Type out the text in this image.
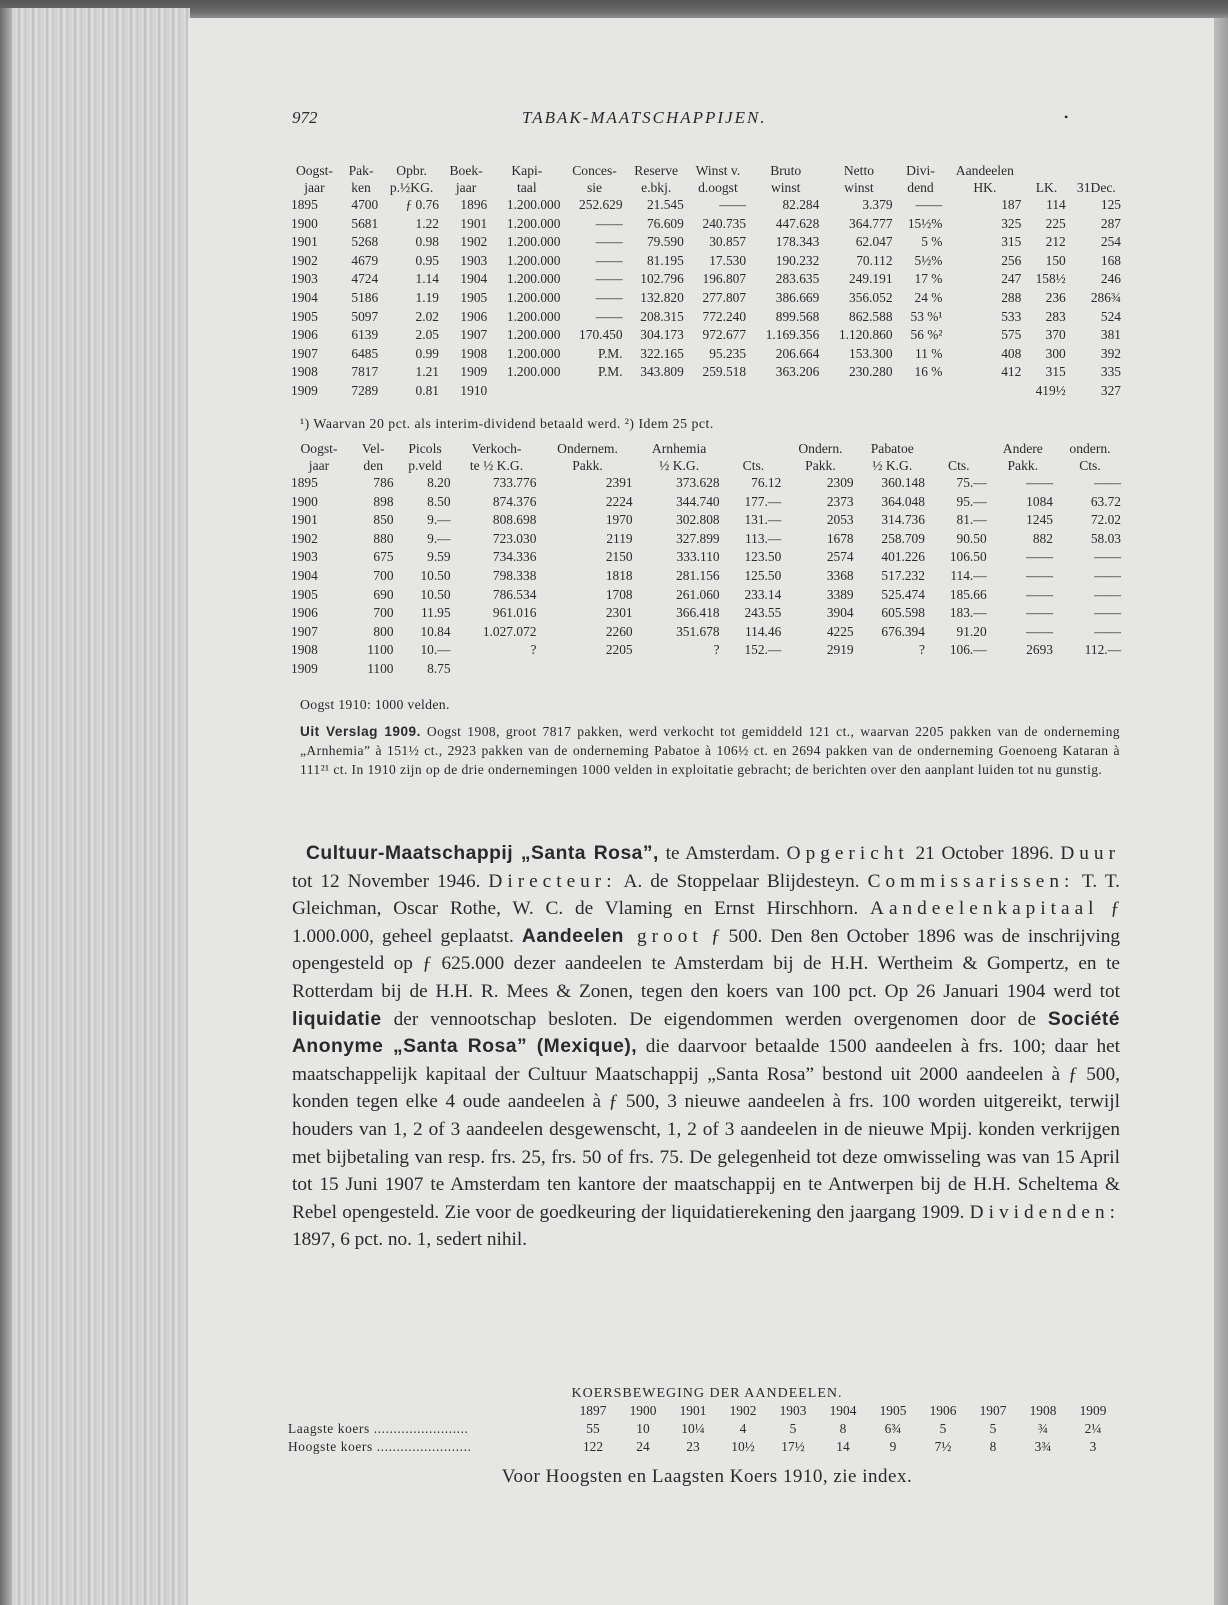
972	TABAK-MAATSCHAPPIJEN.	•
Oogst-	Pak-	Opbr.	Boek-	Kapi-	Conces-	Reserve	Winst v.	Bruto	Netto	Divi-	Aandeelen		
jaar	ken	p.½KG.	jaar	taal	sie	e.bkj.	d.oogst	winst	winst	dend	HK.	LK.	31Dec.
1895	4700	ƒ 0.76	1896	1.200.000	252.629	21.545	——	82.284	3.379	——	187	114	125
1900	5681	1.22	1901	1.200.000	——	76.609	240.735	447.628	364.777	15½%	325	225	287
1901	5268	0.98	1902	1.200.000	——	79.590	30.857	178.343	62.047	5 %	315	212	254
1902	4679	0.95	1903	1.200.000	——	81.195	17.530	190.232	70.112	5½%	256	150	168
1903	4724	1.14	1904	1.200.000	——	102.796	196.807	283.635	249.191	17 %	247	158½	246
1904	5186	1.19	1905	1.200.000	——	132.820	277.807	386.669	356.052	24 %	288	236	286¾
1905	5097	2.02	1906	1.200.000	——	208.315	772.240	899.568	862.588	53 %¹	533	283	524
1906	6139	2.05	1907	1.200.000	170.450	304.173	972.677	1.169.356	1.120.860	56 %²	575	370	381
1907	6485	0.99	1908	1.200.000	P.M.	322.165	95.235	206.664	153.300	11 %	408	300	392
1908	7817	1.21	1909	1.200.000	P.M.	343.809	259.518	363.206	230.280	16 %	412	315	335
1909	7289	0.81	1910									419½	327
¹) Waarvan 20 pct. als interim-dividend betaald werd. ²) Idem 25 pct.
Oogst-	Vel-	Picols	Verkoch-	Ondernem.	Arnhemia		Ondern.	Pabatoe		Andere	ondern.
jaar	den	p.veld	te ½ K.G.	Pakk.	½ K.G.	Cts.	Pakk.	½ K.G.	Cts.	Pakk.	Cts.
1895	786	8.20	733.776	2391	373.628	76.12	2309	360.148	75.—	——	——
1900	898	8.50	874.376	2224	344.740	177.—	2373	364.048	95.—	1084	63.72
1901	850	9.—	808.698	1970	302.808	131.—	2053	314.736	81.—	1245	72.02
1902	880	9.—	723.030	2119	327.899	113.—	1678	258.709	90.50	882	58.03
1903	675	9.59	734.336	2150	333.110	123.50	2574	401.226	106.50	——	——
1904	700	10.50	798.338	1818	281.156	125.50	3368	517.232	114.—	——	——
1905	690	10.50	786.534	1708	261.060	233.14	3389	525.474	185.66	——	——
1906	700	11.95	961.016	2301	366.418	243.55	3904	605.598	183.—	——	——
1907	800	10.84	1.027.072	2260	351.678	114.46	4225	676.394	91.20	——	——
1908	1100	10.—	?	2205	?	152.—	2919	?	106.—	2693	112.—
1909	1100	8.75									
Oogst 1910: 1000 velden.
Uit Verslag 1909. Oogst 1908, groot 7817 pakken, werd verkocht tot gemiddeld 121 ct., waarvan 2205 pakken van de onderneming „Arnhemia” à 151½ ct., 2923 pakken van de onderneming Pabatoe à 106½ ct. en 2694 pakken van de onderneming Goenoeng Kataran à 111²¹ ct. In 1910 zijn op de drie ondernemingen 1000 velden in exploitatie gebracht; de berichten over den aanplant luiden tot nu gunstig.
Cultuur-Maatschappij „Santa Rosa”, te Amsterdam. Opgericht 21 October 1896. Duur tot 12 November 1946. Directeur: A. de Stoppelaar Blijdesteyn. Commissarissen: T. T. Gleichman, Oscar Rothe, W. C. de Vlaming en Ernst Hirschhorn. Aandeelenkapitaal ƒ 1.000.000, geheel geplaatst. Aandeelen groot ƒ 500. Den 8en October 1896 was de inschrijving opengesteld op ƒ 625.000 dezer aandeelen te Amsterdam bij de H.H. Wertheim & Gompertz, en te Rotterdam bij de H.H. R. Mees & Zonen, tegen den koers van 100 pct. Op 26 Januari 1904 werd tot liquidatie der vennootschap besloten. De eigendommen werden overgenomen door de Société Anonyme „Santa Rosa” (Mexique), die daarvoor betaalde 1500 aandeelen à frs. 100; daar het maatschappelijk kapitaal der Cultuur Maatschappij „Santa Rosa” bestond uit 2000 aandeelen à ƒ 500, konden tegen elke 4 oude aandeelen à ƒ 500, 3 nieuwe aandeelen à frs. 100 worden uitgereikt, terwijl houders van 1, 2 of 3 aandeelen desgewenscht, 1, 2 of 3 aandeelen in de nieuwe Mpij. konden verkrijgen met bijbetaling van resp. frs. 25, frs. 50 of frs. 75. De gelegenheid tot deze omwisseling was van 15 April tot 15 Juni 1907 te Amsterdam ten kantore der maatschappij en te Antwerpen bij de H.H. Scheltema & Rebel opengesteld. Zie voor de goedkeuring der liquidatierekening den jaargang 1909. Dividenden: 1897, 6 pct. no. 1, sedert nihil.
KOERSBEWEGING DER AANDEELEN.
	1897	1900	1901	1902	1903	1904	1905	1906	1907	1908	1909
Laagste koers ........................	55	10	10¼	4	5	8	6¾	5	5	¾	2¼
Hoogste koers ........................	122	24	23	10½	17½	14	9	7½	8	3¾	3
Voor Hoogsten en Laagsten Koers 1910, zie index.
